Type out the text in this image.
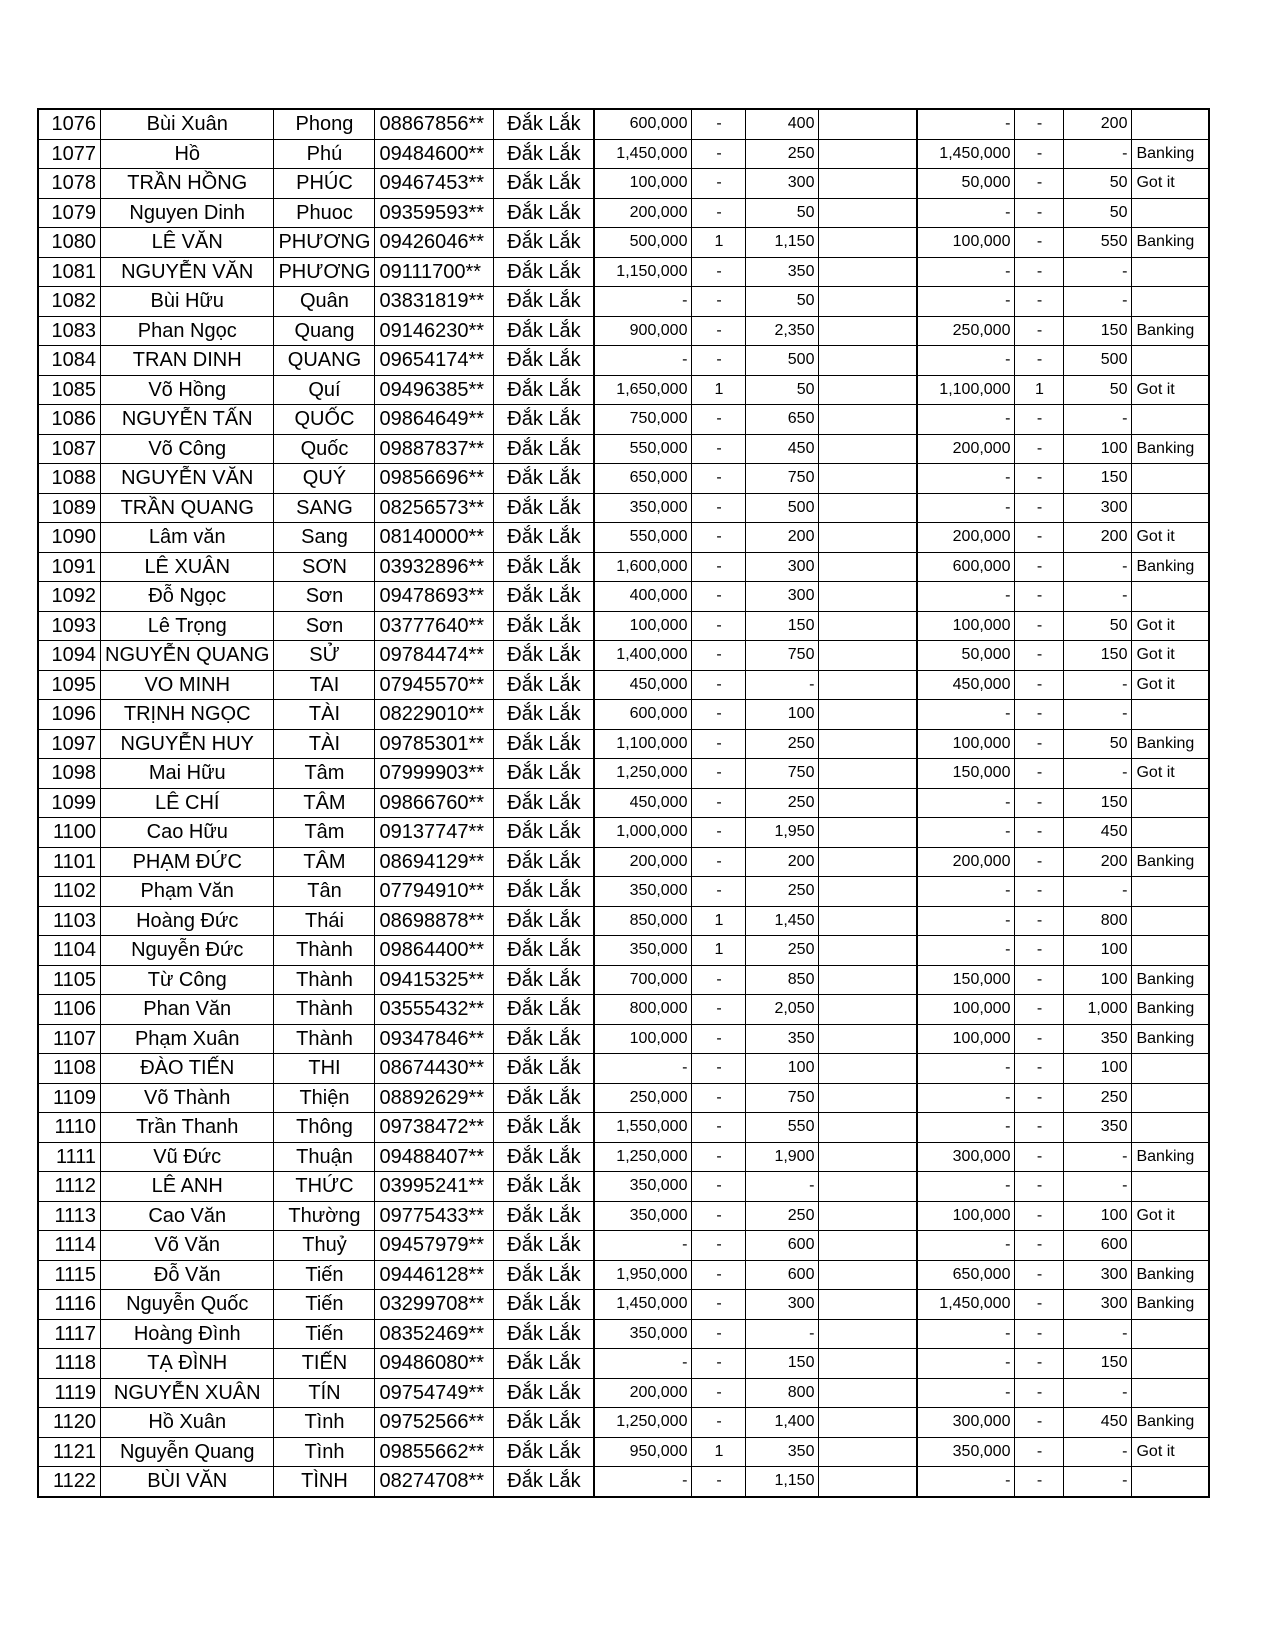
1076	Bùi Xuân	Phong	08867856**	Đắk Lắk	600,000	-	400		-	-	200	
1077	Hồ	Phú	09484600**	Đắk Lắk	1,450,000	-	250		1,450,000	-	-	Banking
1078	TRẦN HỒNG	PHÚC	09467453**	Đắk Lắk	100,000	-	300		50,000	-	50	Got it
1079	Nguyen Dinh	Phuoc	09359593**	Đắk Lắk	200,000	-	50		-	-	50	
1080	LÊ VĂN	PHƯƠNG	09426046**	Đắk Lắk	500,000	1	1,150		100,000	-	550	Banking
1081	NGUYỄN VĂN	PHƯƠNG	09111700**	Đắk Lắk	1,150,000	-	350		-	-	-	
1082	Bùi Hữu	Quân	03831819**	Đắk Lắk	-	-	50		-	-	-	
1083	Phan Ngọc	Quang	09146230**	Đắk Lắk	900,000	-	2,350		250,000	-	150	Banking
1084	TRAN DINH	QUANG	09654174**	Đắk Lắk	-	-	500		-	-	500	
1085	Võ Hồng	Quí	09496385**	Đắk Lắk	1,650,000	1	50		1,100,000	1	50	Got it
1086	NGUYỄN TẤN	QUỐC	09864649**	Đắk Lắk	750,000	-	650		-	-	-	
1087	Võ Công	Quốc	09887837**	Đắk Lắk	550,000	-	450		200,000	-	100	Banking
1088	NGUYỄN VĂN	QUÝ	09856696**	Đắk Lắk	650,000	-	750		-	-	150	
1089	TRẦN QUANG	SANG	08256573**	Đắk Lắk	350,000	-	500		-	-	300	
1090	Lâm văn	Sang	08140000**	Đắk Lắk	550,000	-	200		200,000	-	200	Got it
1091	LÊ XUÂN	SƠN	03932896**	Đắk Lắk	1,600,000	-	300		600,000	-	-	Banking
1092	Đỗ Ngọc	Sơn	09478693**	Đắk Lắk	400,000	-	300		-	-	-	
1093	Lê Trọng	Sơn	03777640**	Đắk Lắk	100,000	-	150		100,000	-	50	Got it
1094	NGUYỄN QUANG	SỬ	09784474**	Đắk Lắk	1,400,000	-	750		50,000	-	150	Got it
1095	VO MINH	TAI	07945570**	Đắk Lắk	450,000	-	-		450,000	-	-	Got it
1096	TRỊNH NGỌC	TÀI	08229010**	Đắk Lắk	600,000	-	100		-	-	-	
1097	NGUYỄN HUY	TÀI	09785301**	Đắk Lắk	1,100,000	-	250		100,000	-	50	Banking
1098	Mai Hữu	Tâm	07999903**	Đắk Lắk	1,250,000	-	750		150,000	-	-	Got it
1099	LÊ CHÍ	TÂM	09866760**	Đắk Lắk	450,000	-	250		-	-	150	
1100	Cao Hữu	Tâm	09137747**	Đắk Lắk	1,000,000	-	1,950		-	-	450	
1101	PHẠM ĐỨC	TÂM	08694129**	Đắk Lắk	200,000	-	200		200,000	-	200	Banking
1102	Phạm Văn	Tân	07794910**	Đắk Lắk	350,000	-	250		-	-	-	
1103	Hoàng Đức	Thái	08698878**	Đắk Lắk	850,000	1	1,450		-	-	800	
1104	Nguyễn Đức	Thành	09864400**	Đắk Lắk	350,000	1	250		-	-	100	
1105	Từ Công	Thành	09415325**	Đắk Lắk	700,000	-	850		150,000	-	100	Banking
1106	Phan Văn	Thành	03555432**	Đắk Lắk	800,000	-	2,050		100,000	-	1,000	Banking
1107	Phạm Xuân	Thành	09347846**	Đắk Lắk	100,000	-	350		100,000	-	350	Banking
1108	ĐÀO TIẾN	THI	08674430**	Đắk Lắk	-	-	100		-	-	100	
1109	Võ Thành	Thiện	08892629**	Đắk Lắk	250,000	-	750		-	-	250	
1110	Trần Thanh	Thông	09738472**	Đắk Lắk	1,550,000	-	550		-	-	350	
1111	Vũ Đức	Thuận	09488407**	Đắk Lắk	1,250,000	-	1,900		300,000	-	-	Banking
1112	LÊ ANH	THỨC	03995241**	Đắk Lắk	350,000	-	-		-	-	-	
1113	Cao Văn	Thường	09775433**	Đắk Lắk	350,000	-	250		100,000	-	100	Got it
1114	Võ Văn	Thuỷ	09457979**	Đắk Lắk	-	-	600		-	-	600	
1115	Đỗ Văn	Tiến	09446128**	Đắk Lắk	1,950,000	-	600		650,000	-	300	Banking
1116	Nguyễn Quốc	Tiến	03299708**	Đắk Lắk	1,450,000	-	300		1,450,000	-	300	Banking
1117	Hoàng Đình	Tiến	08352469**	Đắk Lắk	350,000	-	-		-	-	-	
1118	TẠ ĐÌNH	TIẾN	09486080**	Đắk Lắk	-	-	150		-	-	150	
1119	NGUYỄN XUÂN	TÍN	09754749**	Đắk Lắk	200,000	-	800		-	-	-	
1120	Hồ Xuân	Tình	09752566**	Đắk Lắk	1,250,000	-	1,400		300,000	-	450	Banking
1121	Nguyễn Quang	Tình	09855662**	Đắk Lắk	950,000	1	350		350,000	-	-	Got it
1122	BÙI VĂN	TÌNH	08274708**	Đắk Lắk	-	-	1,150		-	-	-	
